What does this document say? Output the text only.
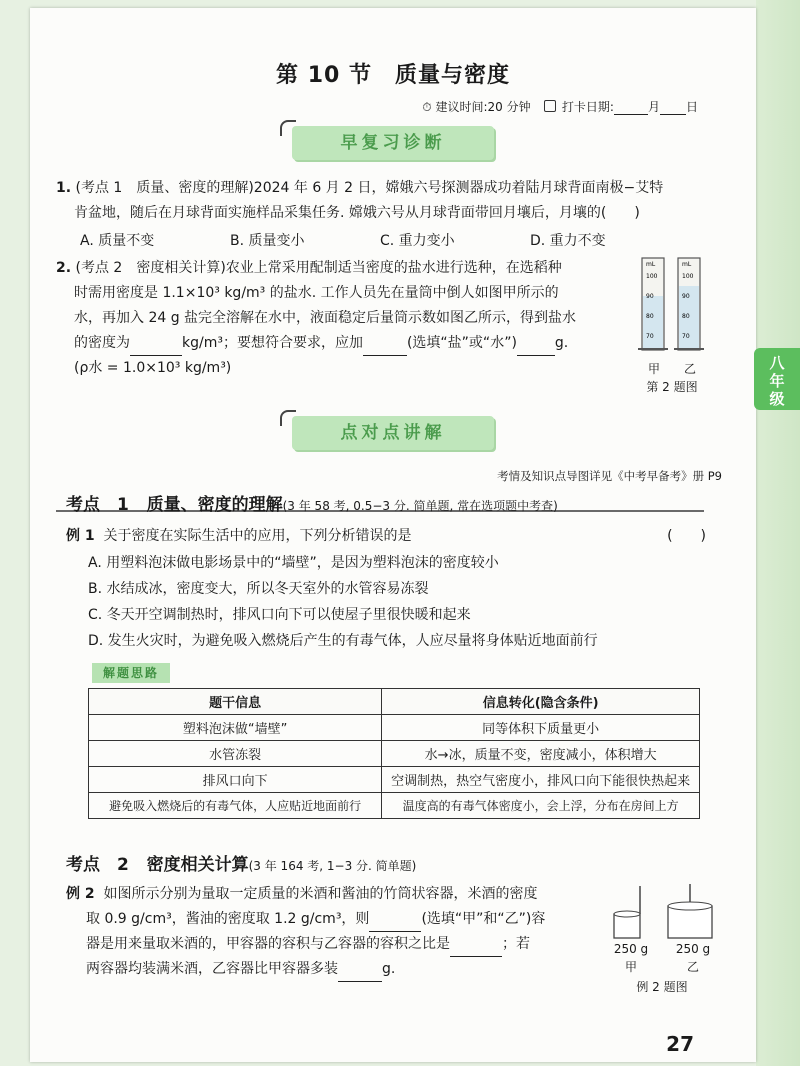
第 10 节　质量与密度
⏱ 建议时间:20 分钟	打卡日期:	月 日
早复习诊断
1. (考点 1　质量、密度的理解)2024 年 6 月 2 日，嫦娥六号探测器成功着陆月球背面南极−艾特
肯盆地，随后在月球背面实施样品采集任务. 嫦娥六号从月球背面带回月壤后，月壤的(　　)
A. 质量不变	B. 质量变小	C. 重力变小	D. 重力不变
2. (考点 2　密度相关计算)农业上常采用配制适当密度的盐水进行选种，在选稻种
时需用密度是 1.1×10³ kg/m³ 的盐水. 工作人员先在量筒中倒人如图甲所示的
水，再加入 24 g 盐完全溶解在水中，液面稳定后量筒示数如图乙所示，得到盐水
的密度为	kg/m³；要想符合要求，应加	(选填“盐”或“水”)	g.
(ρ水 = 1.0×10³ kg/m³)
mL	mL
100
90
80
70
100
90
80
70
甲 乙
第 2 题图
点对点讲解
考情及知识点导图详见《中考早备考》册 P9
考点　1 质量、密度的理解(3 年 58 考, 0.5−3 分. 简单题, 常在选项题中考查)
例 1 关于密度在实际生活中的应用，下列分析错误的是	(　　)
A. 用塑料泡沫做电影场景中的“墙壁”，是因为塑料泡沫的密度较小
B. 水结成冰，密度变大，所以冬天室外的水管容易冻裂
C. 冬天开空调制热时，排风口向下可以使屋子里很快暖和起来
D. 发生火灾时，为避免吸入燃烧后产生的有毒气体，人应尽量将身体贴近地面前行
解题思路
题干信息	信息转化(隐含条件)
塑料泡沫做“墙壁”	同等体积下质量更小
水管冻裂	水→冰，质量不变，密度减小，体积增大
排风口向下	空调制热，热空气密度小，排风口向下能很快热起来
避免吸入燃烧后的有毒气体，人应贴近地面前行	温度高的有毒气体密度小，会上浮，分布在房间上方
考点　2 密度相关计算(3 年 164 考, 1−3 分. 简单题)
例 2 如图所示分别为量取一定质量的米酒和酱油的竹筒状容器，米酒的密度
取 0.9 g/cm³，酱油的密度取 1.2 g/cm³，则	(选填“甲”和“乙”)容
器是用来量取米酒的，甲容器的容积与乙容器的容积之比是	；若
两容器均装满米酒，乙容器比甲容器多装	g.
250 g 250 g
甲	乙
例 2 题图
27
八
年
级
